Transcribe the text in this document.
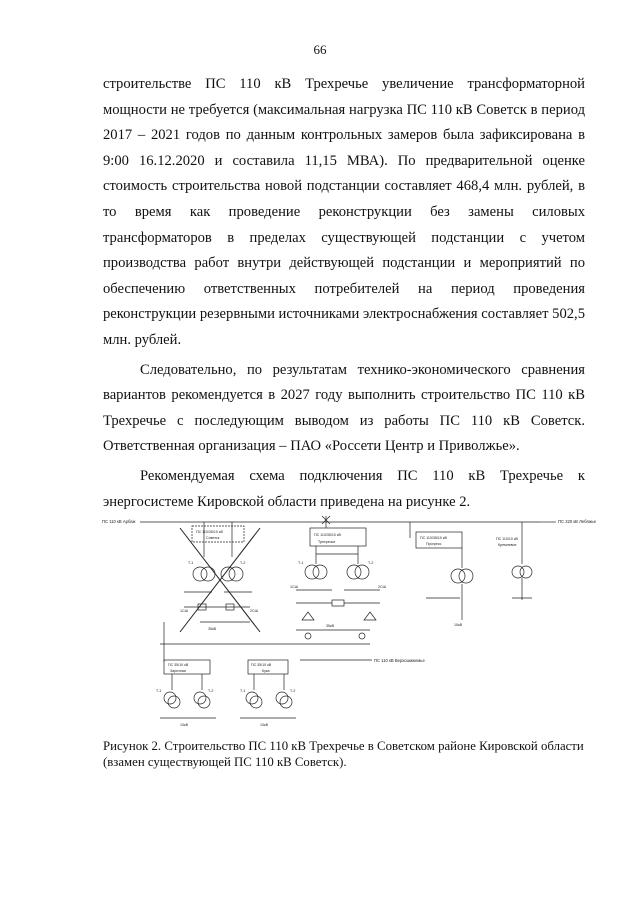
66

строительстве ПС 110 кВ Трехречье увеличение трансформаторной мощности не требуется (максимальная нагрузка ПС 110 кВ Советск в период 2017 – 2021 годов по данным контрольных замеров была зафиксирована в 9:00 16.12.2020 и составила 11,15 МВА). По предварительной оценке стоимость строительства новой подстанции составляет 468,4 млн. рублей, в то время как проведение реконструкции без замены силовых трансформаторов в пределах существующей подстанции с учетом производства работ внутри действующей подстанции и мероприятий по обеспечению ответственных потребителей на период проведения реконструкции резервными источниками электроснабжения составляет 502,5 млн. рублей.

Следовательно, по результатам технико-экономического сравнения вариантов рекомендуется в 2027 году выполнить строительство ПС 110 кВ Трехречье с последующим выводом из работы ПС 110 кВ Советск. Ответственная организация – ПАО «Россети Центр и Приволжье».

Рекомендуемая схема подключения ПС 110 кВ Трехречье к энергосистеме Кировской области приведена на рисунке 2.

ПС 110 кВ Арбаж	ПС 220 кВ Лебяжье
ПС 110/35/10 кВ
Советск
Т-1	Т-2
35кВ
1СШ	2СШ
ПС 110/35/10 кВ
Трехречье
Т-1	Т-2
35кВ
1СШ	2СШ
ПС 110/35/10 кВ
Прогресс
10кВ
ПС 110/10 кВ
Кремлевое
ПС 110 кВ Верхошижемье
ПС 35/10 кВ
Заречная
Т-1	Т-2
10кВ
ПС 35/10 кВ
Кука
Т-1	Т-2
10кВ
Рисунок 2. Строительство ПС 110 кВ Трехречье в Советском районе Кировской области (взамен существующей ПС 110 кВ Советск).
